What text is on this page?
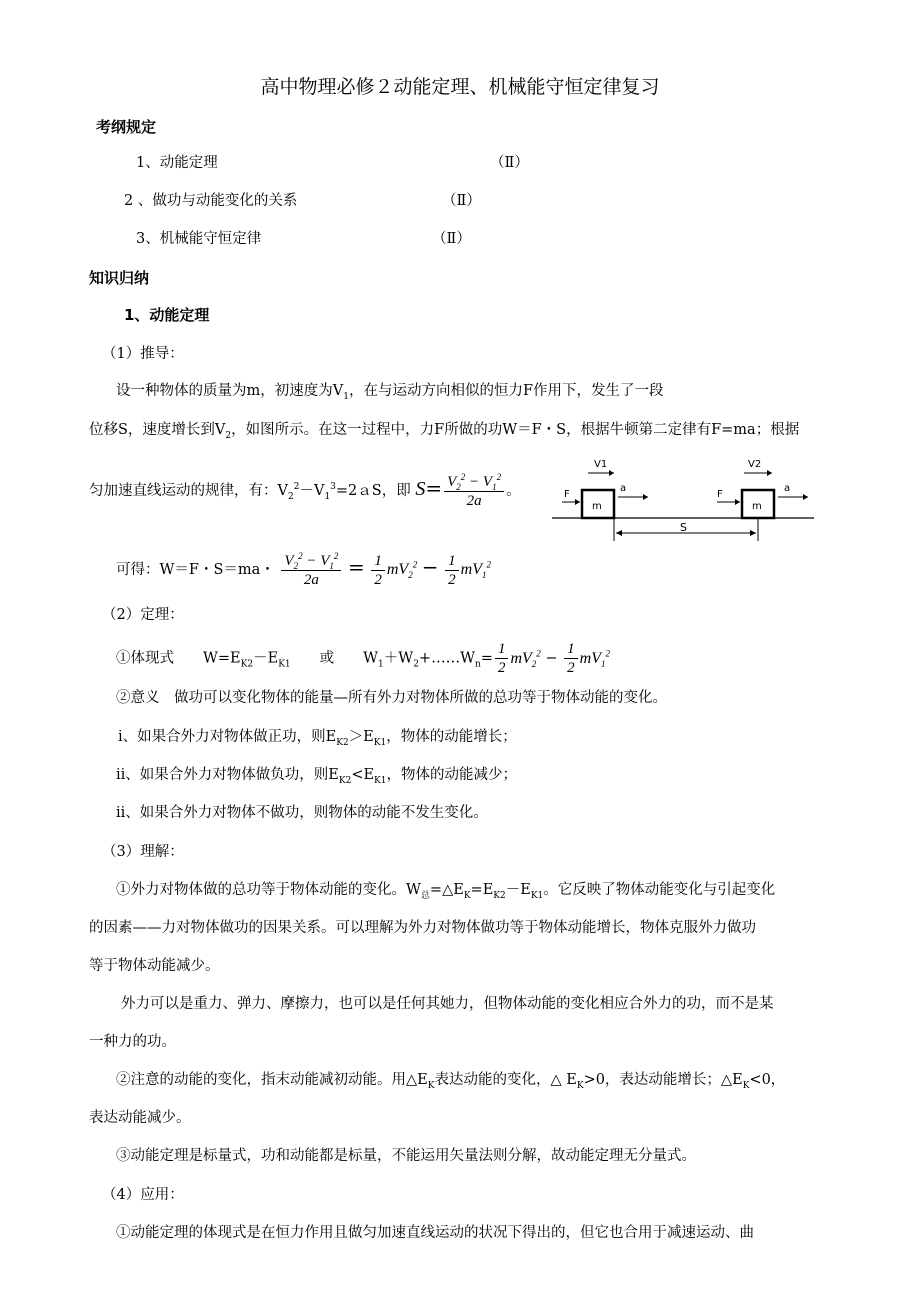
高中物理必修２动能定理、机械能守恒定律复习
考纲规定
1、动能定理	（Ⅱ）
2 、做功与动能变化的关系	（Ⅱ）
3、机械能守恒定律	（Ⅱ）
知识归纳
1、动能定理
（1）推导：
设一种物体的质量为m，初速度为$V_1$，在与运动方向相似的恒力F作用下，发生了一段
位移S，速度增长到$V_2$，如图所示。在这一过程中，力F所做的功W＝F・S，根据牛顿第二定律有F=ma；根据
匀加速直线运动的规律，有：$V_2^2-V_1^3=2aS$，即 $S= \frac{V_2^2 - V_1^2}{2a}$ 。
可得：W＝F・S＝ma・ $\frac{V_2^2 - V_1^2}{2a} = \frac{1}{2} mV_2^2 - \frac{1}{2} mV_1^2$
m	m
F	F
V1	V2
a	a
S
（2）定理：
①体现式　　$W=E_{K2}-E_{K1}$　　或　　$W_1+W_2+\dots\dots W_n= \frac{1}{2} mV_2^2 - \frac{1}{2} mV_1^2$
②意义　做功可以变化物体的能量—所有外力对物体所做的总功等于物体动能的变化。
ⅰ、如果合外力对物体做正功，则$E_{K2}>E_{K1}$，物体的动能增长；
ⅱ、如果合外力对物体做负功，则$E_{K2}<E_{K1}$，物体的动能减少；
ⅱ、如果合外力对物体不做功，则物体的动能不发生变化。
（3）理解：
①外力对物体做的总功等于物体动能的变化。$W_总=\triangle E_K=E_{K2}-E_{K1}$。它反映了物体动能变化与引起变化
的因素——力对物体做功的因果关系。可以理解为外力对物体做功等于物体动能增长，物体克服外力做功
等于物体动能减少。
外力可以是重力、弹力、摩擦力，也可以是任何其她力，但物体动能的变化相应合外力的功，而不是某
一种力的功。
②注意的动能的变化，指末动能减初动能。用$\triangle E_K$表达动能的变化，△ $E_K>0$，表达动能增长；$\triangle E_K<0$，
表达动能减少。
③动能定理是标量式，功和动能都是标量，不能运用矢量法则分解，故动能定理无分量式。
（4）应用：
①动能定理的体现式是在恒力作用且做匀加速直线运动的状况下得出的，但它也合用于减速运动、曲
